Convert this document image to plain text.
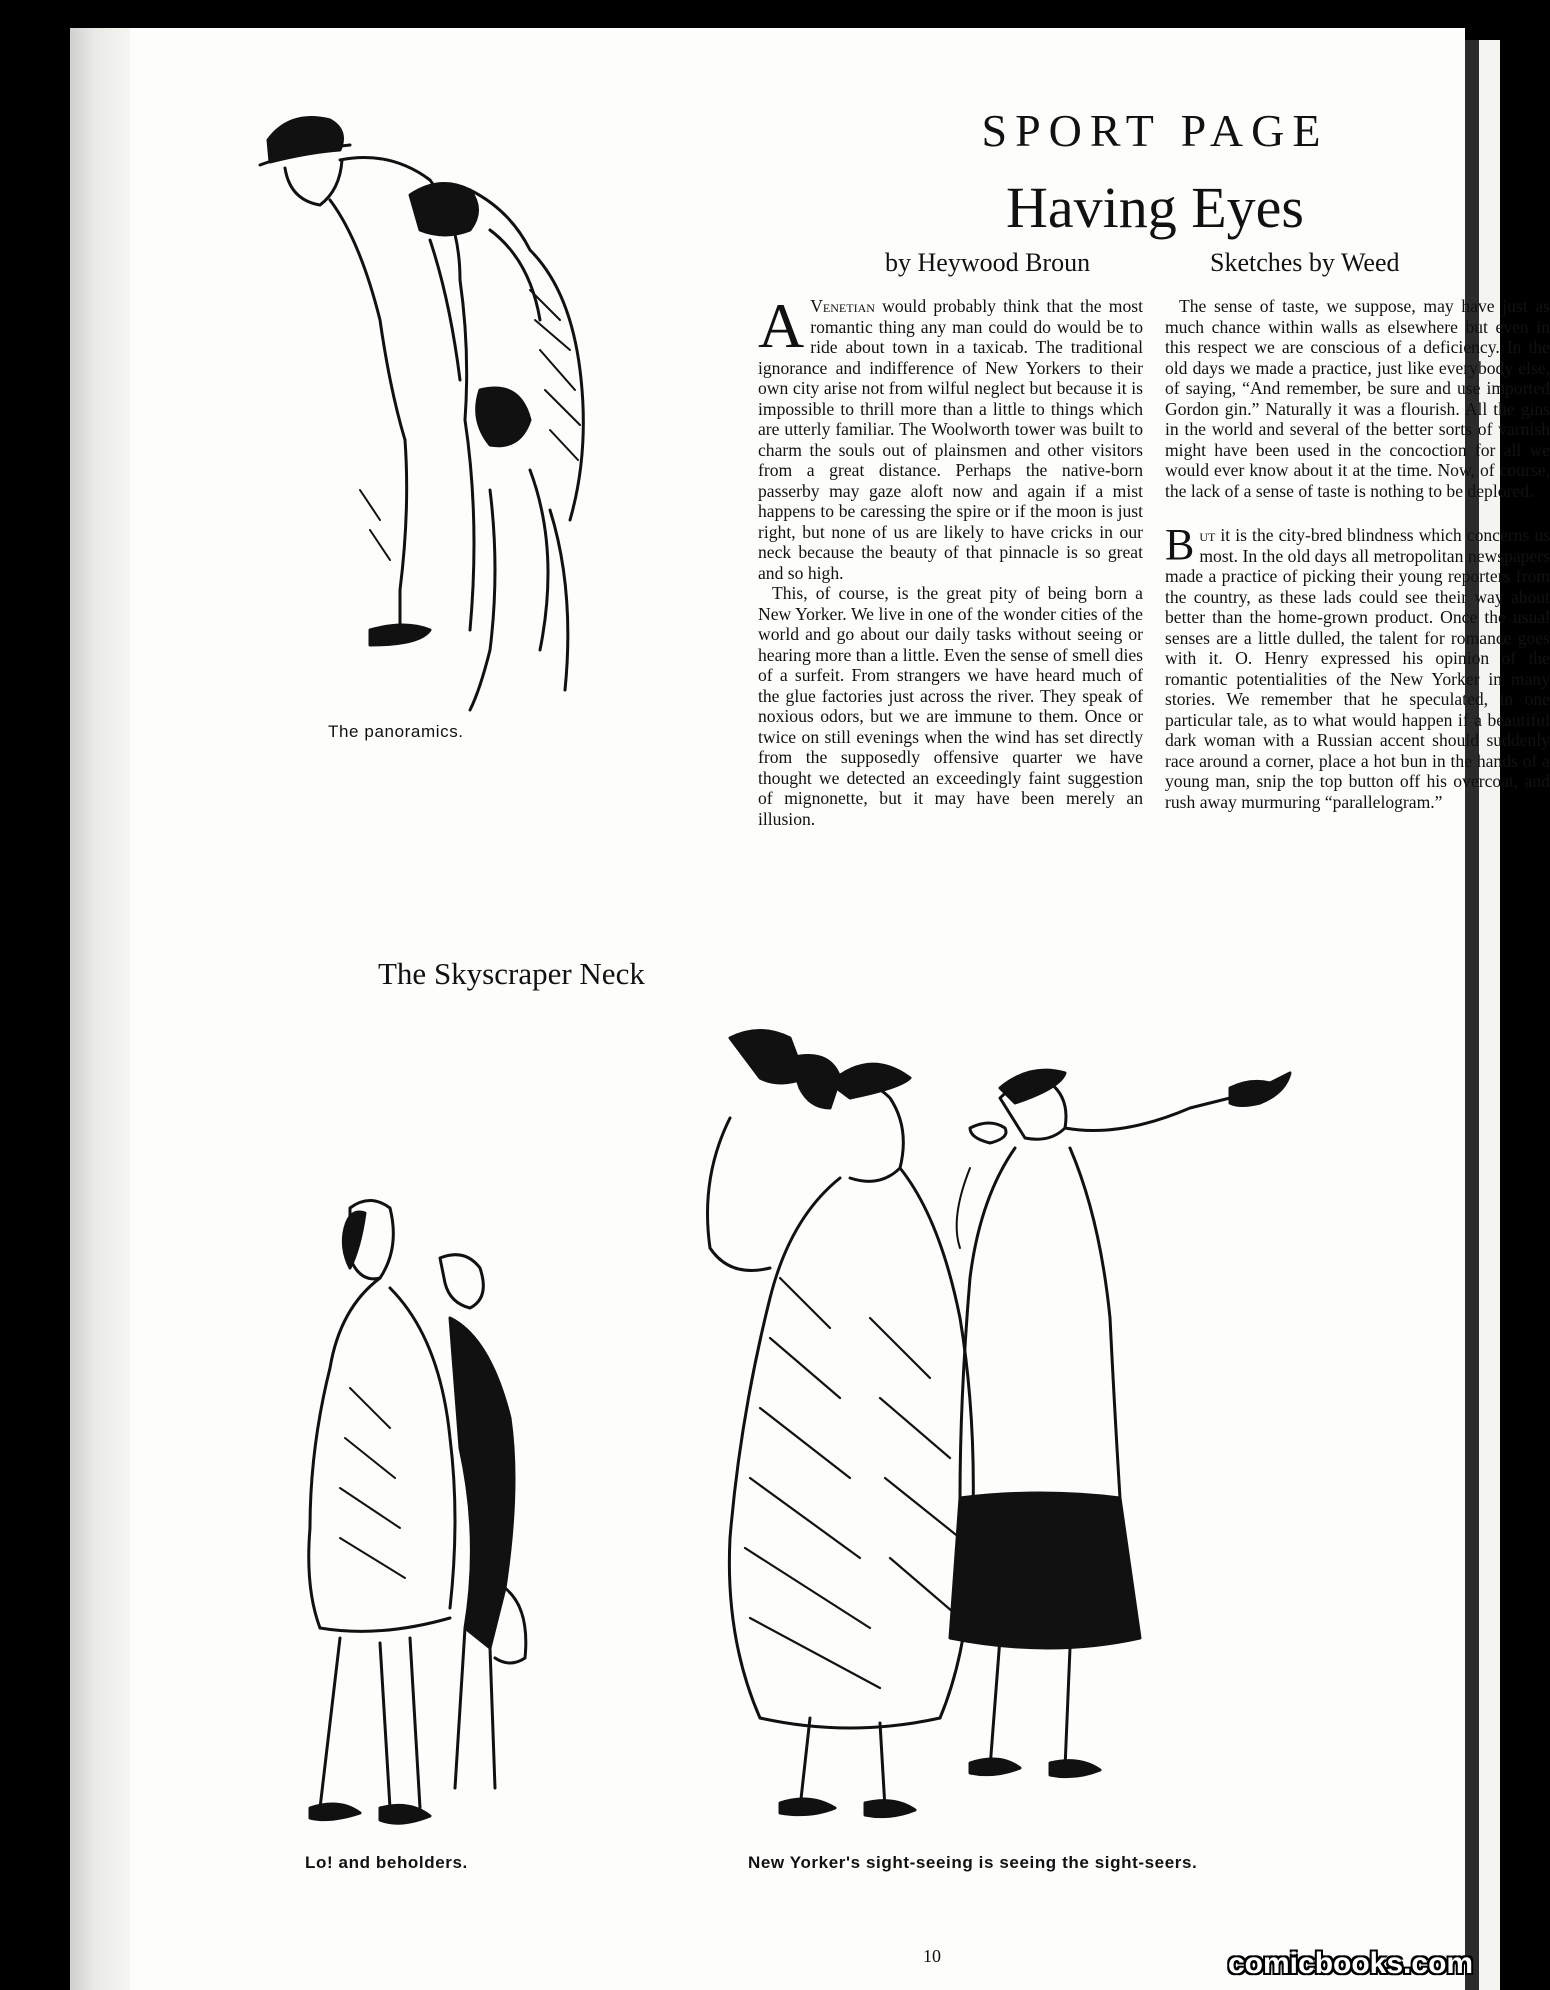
The panoramics.
SPORT PAGE
Having Eyes
by Heywood Broun	Sketches by Weed

A Venetian would probably think that the most romantic thing any man could do would be to ride about town in a taxicab. The traditional ignorance and indifference of New Yorkers to their own city arise not from wilful neglect but because it is impossible to thrill more than a little to things which are utterly familiar. The Woolworth tower was built to charm the souls out of plainsmen and other visitors from a great distance. Perhaps the native-born passerby may gaze aloft now and again if a mist happens to be caressing the spire or if the moon is just right, but none of us are likely to have cricks in our neck because the beauty of that pinnacle is so great and so high.

This, of course, is the great pity of being born a New Yorker. We live in one of the wonder cities of the world and go about our daily tasks without seeing or hearing more than a little. Even the sense of smell dies of a surfeit. From strangers we have heard much of the glue factories just across the river. They speak of noxious odors, but we are immune to them. Once or twice on still evenings when the wind has set directly from the supposedly offensive quarter we have thought we detected an exceedingly faint suggestion of mignonette, but it may have been merely an illusion.

The sense of taste, we suppose, may have just as much chance within walls as elsewhere but even in this respect we are conscious of a deficiency. In the old days we made a practice, just like everybody else, of saying, “And remember, be sure and use imported Gordon gin.” Naturally it was a flourish. All the gins in the world and several of the better sorts of varnish might have been used in the concoction for all we would ever know about it at the time. Now, of course, the lack of a sense of taste is nothing to be deplored.

But it is the city-bred blindness which concerns us most. In the old days all metropolitan newspapers made a practice of picking their young reporters from the country, as these lads could see their way about better than the home-grown product. Once the usual senses are a little dulled, the talent for romance goes with it. O. Henry expressed his opinion of the romantic potentialities of the New Yorker in many stories. We remember that he speculated, in one particular tale, as to what would happen if a beautiful dark woman with a Russian accent should suddenly race around a corner, place a hot bun in the hands of a young man, snip the top button off his overcoat, and rush away murmuring “parallelogram.”

The Skyscraper Neck
Lo! and beholders.	New Yorker's sight-seeing is seeing the sight-seers.
10	comicbooks.com
